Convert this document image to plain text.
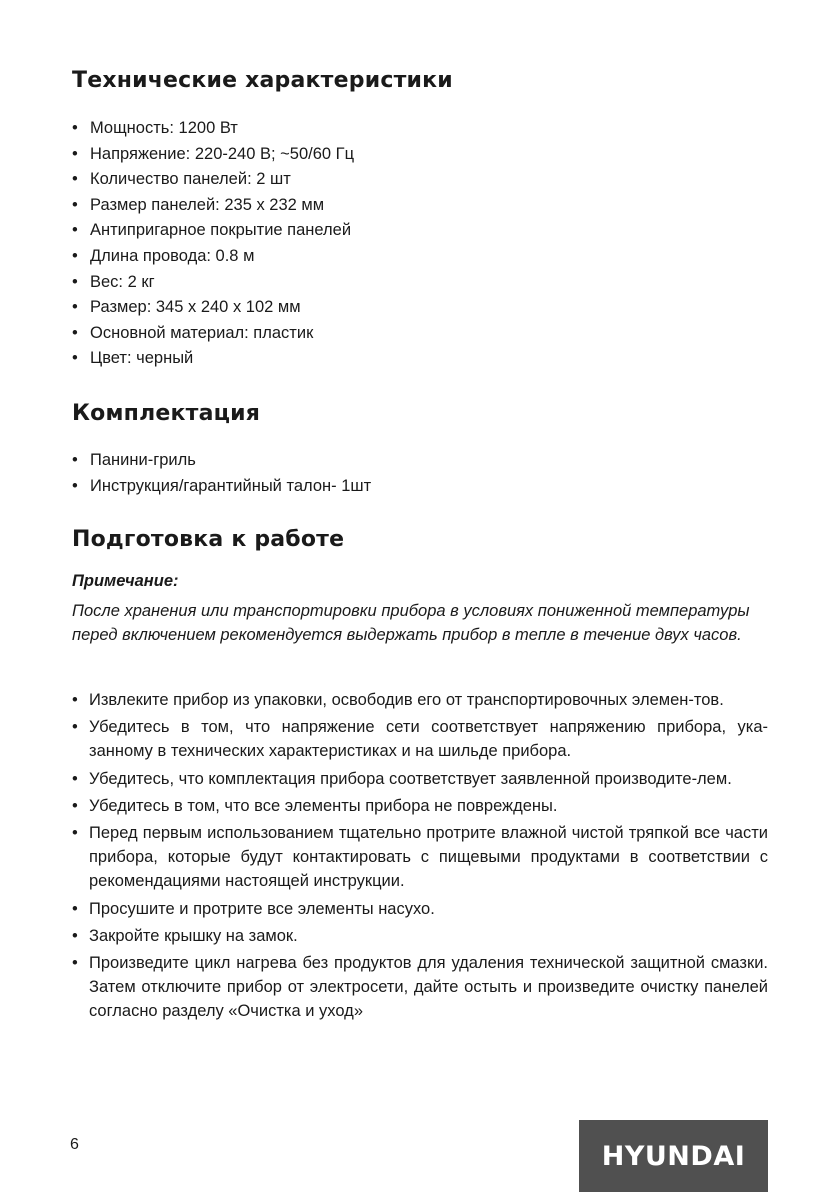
Технические характеристики
• Мощность: 1200 Вт
• Напряжение: 220-240 В; ~50/60 Гц
• Количество панелей: 2 шт
• Размер панелей: 235 х 232 мм
• Антипригарное покрытие панелей
• Длина провода: 0.8 м
• Вес: 2 кг
• Размер: 345 х 240 х 102 мм
• Основной материал: пластик
• Цвет: черный
Комплектация
• Панини-гриль
• Инструкция/гарантийный талон- 1шт
Подготовка к работе
Примечание:
После хранения или транспортировки прибора в условиях пониженной температуры перед включением рекомендуется выдержать прибор в тепле в течение двух часов.
• Извлеките прибор из упаковки, освободив его от транспортировочных элемен-тов.
• Убедитесь в том, что напряжение сети соответствует напряжению прибора, ука-занному в технических характеристиках и на шильде прибора.
• Убедитесь, что комплектация прибора соответствует заявленной производите-лем.
• Убедитесь в том, что все элементы прибора не повреждены.
• Перед первым использованием тщательно протрите влажной чистой тряпкой все части прибора, которые будут контактировать с пищевыми продуктами в соответствии с рекомендациями настоящей инструкции.
• Просушите и протрите все элементы насухо.
• Закройте крышку на замок.
• Произведите цикл нагрева без продуктов для удаления технической защитной смазки. Затем отключите прибор от электросети, дайте остыть и произведите очистку панелей согласно разделу «Очистка и уход»
6	HYUNDAI
